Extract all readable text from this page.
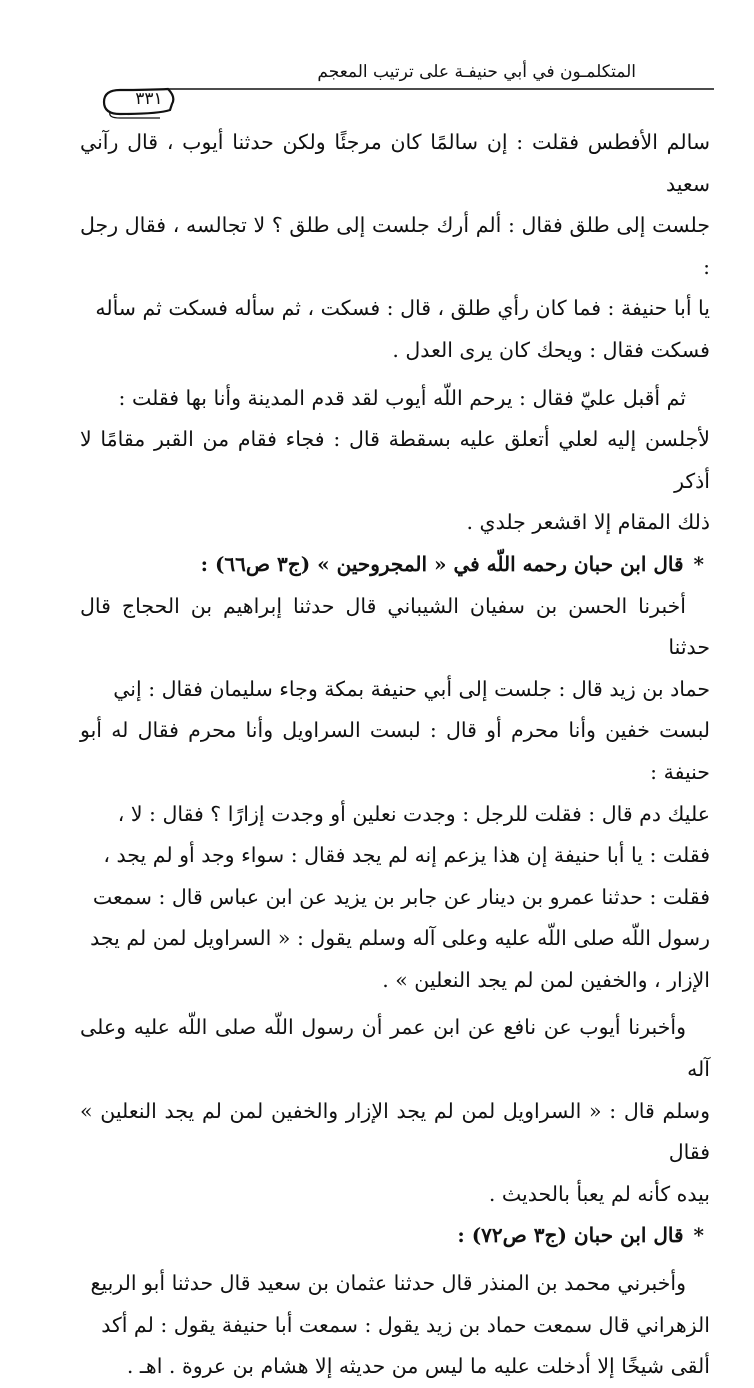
المتكلمـون في أبي حنيفـة على ترتيب المعجم
٣٣١

سالم الأفطس فقلت : إن سالمًا كان مرجئًا ولكن حدثنا أيوب ، قال رآني سعيد
جلست إلى طلق فقال : ألم أرك جلست إلى طلق ؟ لا تجالسه ، فقال رجل :
يا أبا حنيفة : فما كان رأي طلق ، قال : فسكت ، ثم سأله فسكت ثم سأله
فسكت فقال : ويحك كان يرى العدل .

ثم أقبل عليّ فقال : يرحم اللّه أيوب لقد قدم المدينة وأنا بها فقلت :
لأجلسن إليه لعلي أتعلق عليه بسقطة قال : فجاء فقام من القبر مقامًا لا أذكر
ذلك المقام إلا اقشعر جلدي .

*قال ابن حبان رحمه اللّه في « المجروحين » (ج٣ ص٦٦) :

أخبرنا الحسن بن سفيان الشيباني قال حدثنا إبراهيم بن الحجاج قال حدثنا
حماد بن زيد قال : جلست إلى أبي حنيفة بمكة وجاء سليمان فقال : إني
لبست خفين وأنا محرم أو قال : لبست السراويل وأنا محرم فقال له أبو حنيفة :
عليك دم قال : فقلت للرجل : وجدت نعلين أو وجدت إزارًا ؟ فقال : لا ،
فقلت : يا أبا حنيفة إن هذا يزعم إنه لم يجد فقال : سواء وجد أو لم يجد ،
فقلت : حدثنا عمرو بن دينار عن جابر بن يزيد عن ابن عباس قال : سمعت
رسول اللّه صلى اللّه عليه وعلى آله وسلم يقول : « السراويل لمن لم يجد
الإزار ، والخفين لمن لم يجد النعلين » .

وأخبرنا أيوب عن نافع عن ابن عمر أن رسول اللّه صلى اللّه عليه وعلى آله
وسلم قال : « السراويل لمن لم يجد الإزار والخفين لمن لم يجد النعلين » فقال
بيده كأنه لم يعبأ بالحديث .

*قال ابن حبان (ج٣ ص٧٢) :

وأخبرني محمد بن المنذر قال حدثنا عثمان بن سعيد قال حدثنا أبو الربيع
الزهراني قال سمعت حماد بن زيد يقول : سمعت أبا حنيفة يقول : لم أكد
ألقى شيخًا إلا أدخلت عليه ما ليس من حديثه إلا هشام بن عروة . اهـ .
